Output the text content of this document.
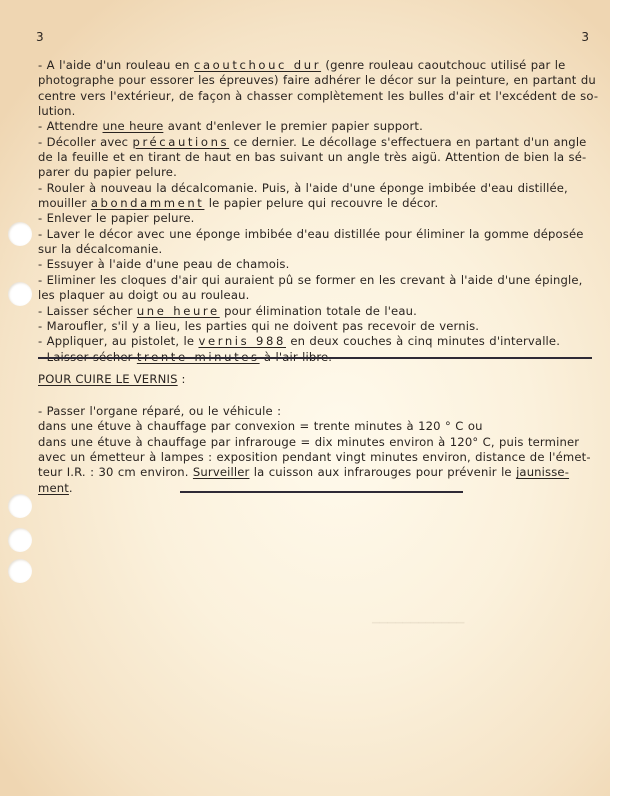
▁▁▁▁▁▁▁▁▁▁▁▁
3	3
- A l'aide d'un rouleau en caoutchouc dur (genre rouleau caoutchouc utilisé par le
photographe pour essorer les épreuves) faire adhérer le décor sur la peinture, en partant du
centre vers l'extérieur, de façon à chasser complètement les bulles d'air et l'excédent de so-
lution.
- Attendre une heure avant d'enlever le premier papier support.
- Décoller avec précautions ce dernier. Le décollage s'effectuera en partant d'un angle
de la feuille et en tirant de haut en bas suivant un angle très aigü. Attention de bien la sé-
parer du papier pelure.
- Rouler à nouveau la décalcomanie. Puis, à l'aide d'une éponge imbibée d'eau distillée,
mouiller abondamment le papier pelure qui recouvre le décor.
- Enlever le papier pelure.
- Laver le décor avec une éponge imbibée d'eau distillée pour éliminer la gomme déposée
sur la décalcomanie.
- Essuyer à l'aide d'une peau de chamois.
- Eliminer les cloques d'air qui auraient pû se former en les crevant à l'aide d'une épingle,
les plaquer au doigt ou au rouleau.
- Laisser sécher une heure pour élimination totale de l'eau.
- Maroufler, s'il y a lieu, les parties qui ne doivent pas recevoir de vernis.
- Appliquer, au pistolet, le vernis 988 en deux couches à cinq minutes d'intervalle.
POUR CUIRE LE VERNIS :
- Passer l'organe réparé, ou le véhicule :
dans une étuve à chauffage par convexion = trente minutes à 120 ° C ou
dans une étuve à chauffage par infrarouge = dix minutes environ à 120° C, puis terminer
avec un émetteur à lampes : exposition pendant vingt minutes environ, distance de l'émet-
teur I.R. : 30 cm environ. Surveiller la cuisson aux infrarouges pour prévenir le jaunisse-
ment.
